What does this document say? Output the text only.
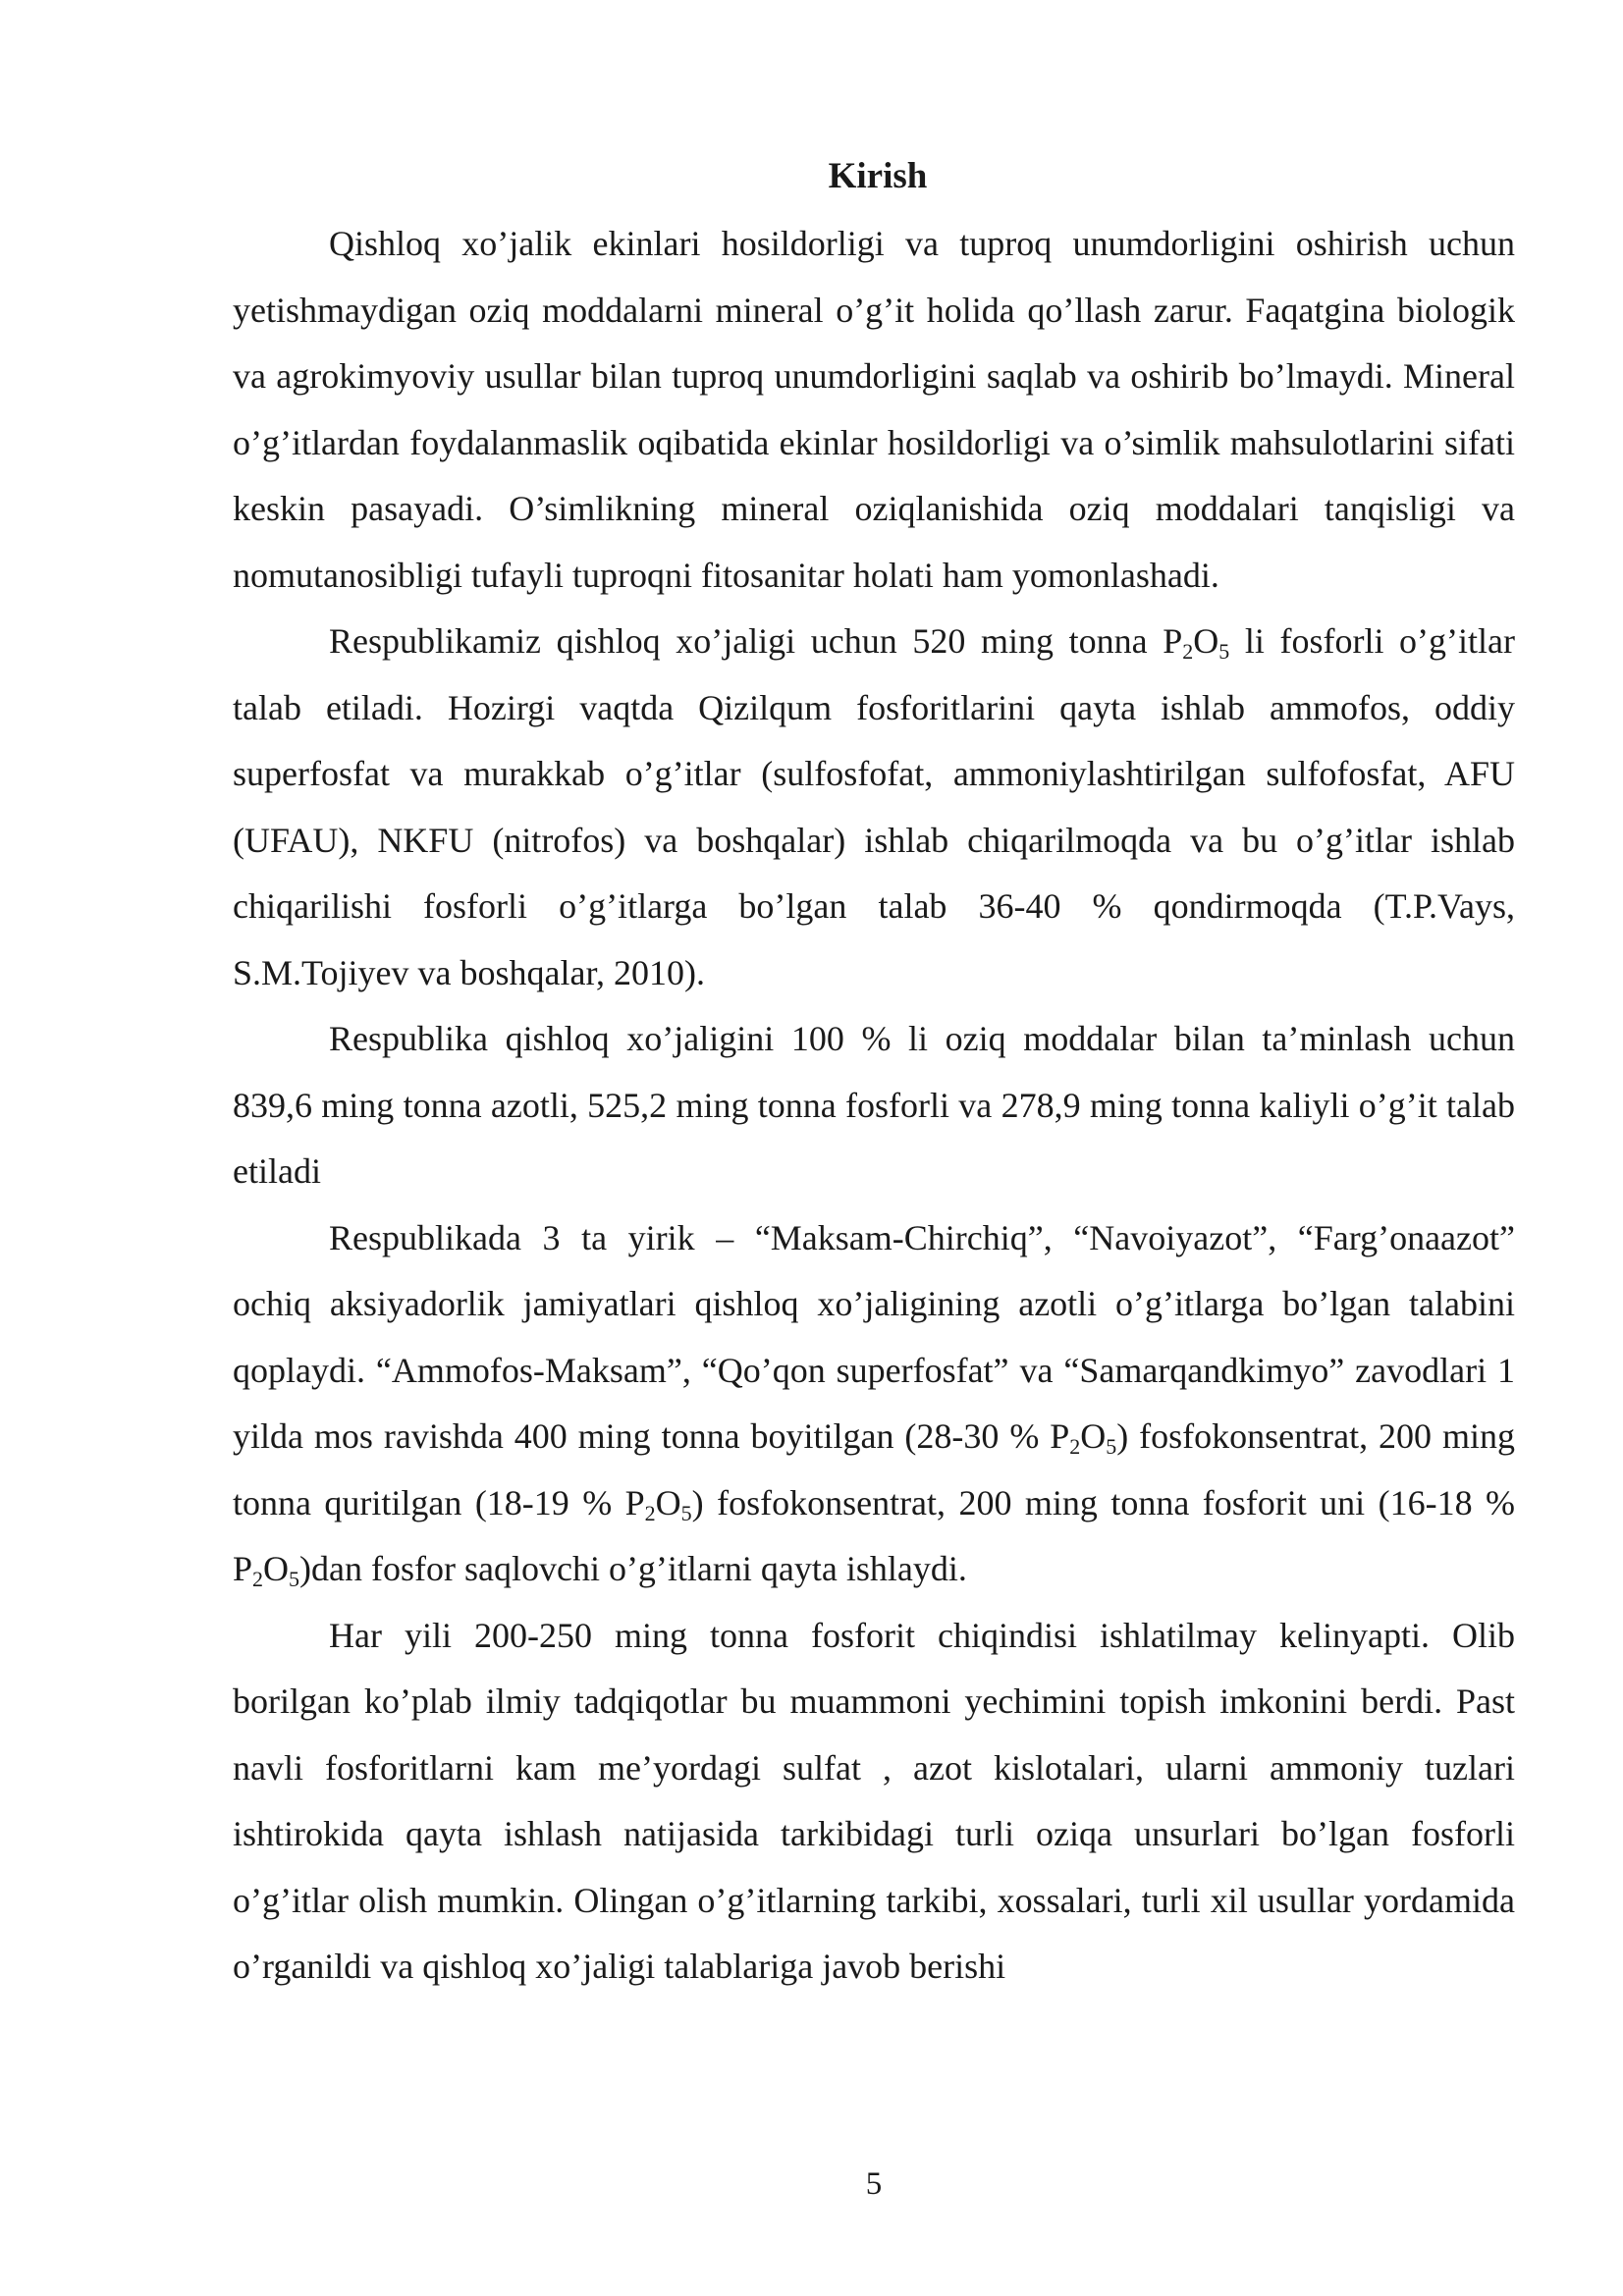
Kirish

Qishloq xo’jalik ekinlari hosildorligi va tuproq unumdorligini oshirish uchun yetishmaydigan oziq moddalarni mineral o’g’it holida qo’llash zarur. Faqatgina biologik va agrokimyoviy usullar bilan tuproq unumdorligini saqlab va oshirib bo’lmaydi. Mineral o’g’itlardan foydalanmaslik oqibatida ekinlar hosildorligi va o’simlik mahsulotlarini sifati keskin pasayadi. O’simlikning mineral oziqlanishida oziq moddalari tanqisligi va nomutanosibligi tufayli tuproqni fitosanitar holati ham yomonlashadi.

Respublikamiz qishloq xo’jaligi uchun 520 ming tonna $P_2O_5$ li fosforli o’g’itlar talab etiladi. Hozirgi vaqtda Qizilqum fosforitlarini qayta ishlab ammofos, oddiy superfosfat va murakkab o’g’itlar (sulfosfofat, ammoniylashtirilgan sulfofosfat, AFU (UFAU), NKFU (nitrofos) va boshqalar) ishlab chiqarilmoqda va bu o’g’itlar ishlab chiqarilishi fosforli o’g’itlarga bo’lgan talab 36-40 % qondirmoqda (T.P.Vays, S.M.Tojiyev va boshqalar, 2010).

Respublika qishloq xo’jaligini 100 % li oziq moddalar bilan ta’minlash uchun 839,6 ming tonna azotli, 525,2 ming tonna fosforli va 278,9 ming tonna kaliyli o’g’it talab etiladi

Respublikada 3 ta yirik – “Maksam-Chirchiq”, “Navoiyazot”, “Farg’onaazot” ochiq aksiyadorlik jamiyatlari qishloq xo’jaligining azotli o’g’itlarga bo’lgan talabini qoplaydi. “Ammofos-Maksam”, “Qo’qon superfosfat” va “Samarqandkimyo” zavodlari 1 yilda mos ravishda 400 ming tonna boyitilgan (28-30 % $P_2O_5$) fosfokonsentrat, 200 ming tonna quritilgan (18-19 % $P_2O_5$) fosfokonsentrat, 200 ming tonna fosforit uni (16-18 % $P_2O_5)dan$ fosfor saqlovchi o’g’itlarni qayta ishlaydi.

Har yili 200-250 ming tonna fosforit chiqindisi ishlatilmay kelinyapti. Olib borilgan ko’plab ilmiy tadqiqotlar bu muammoni yechimini topish imkonini berdi. Past navli fosforitlarni kam me’yordagi sulfat , azot kislotalari, ularni ammoniy tuzlari ishtirokida qayta ishlash natijasida tarkibidagi turli oziqa unsurlari bo’lgan fosforli o’g’itlar olish mumkin. Olingan o’g’itlarning tarkibi, xossalari, turli xil usullar yordamida o’rganildi va qishloq xo’jaligi talablariga javob berishi

5
